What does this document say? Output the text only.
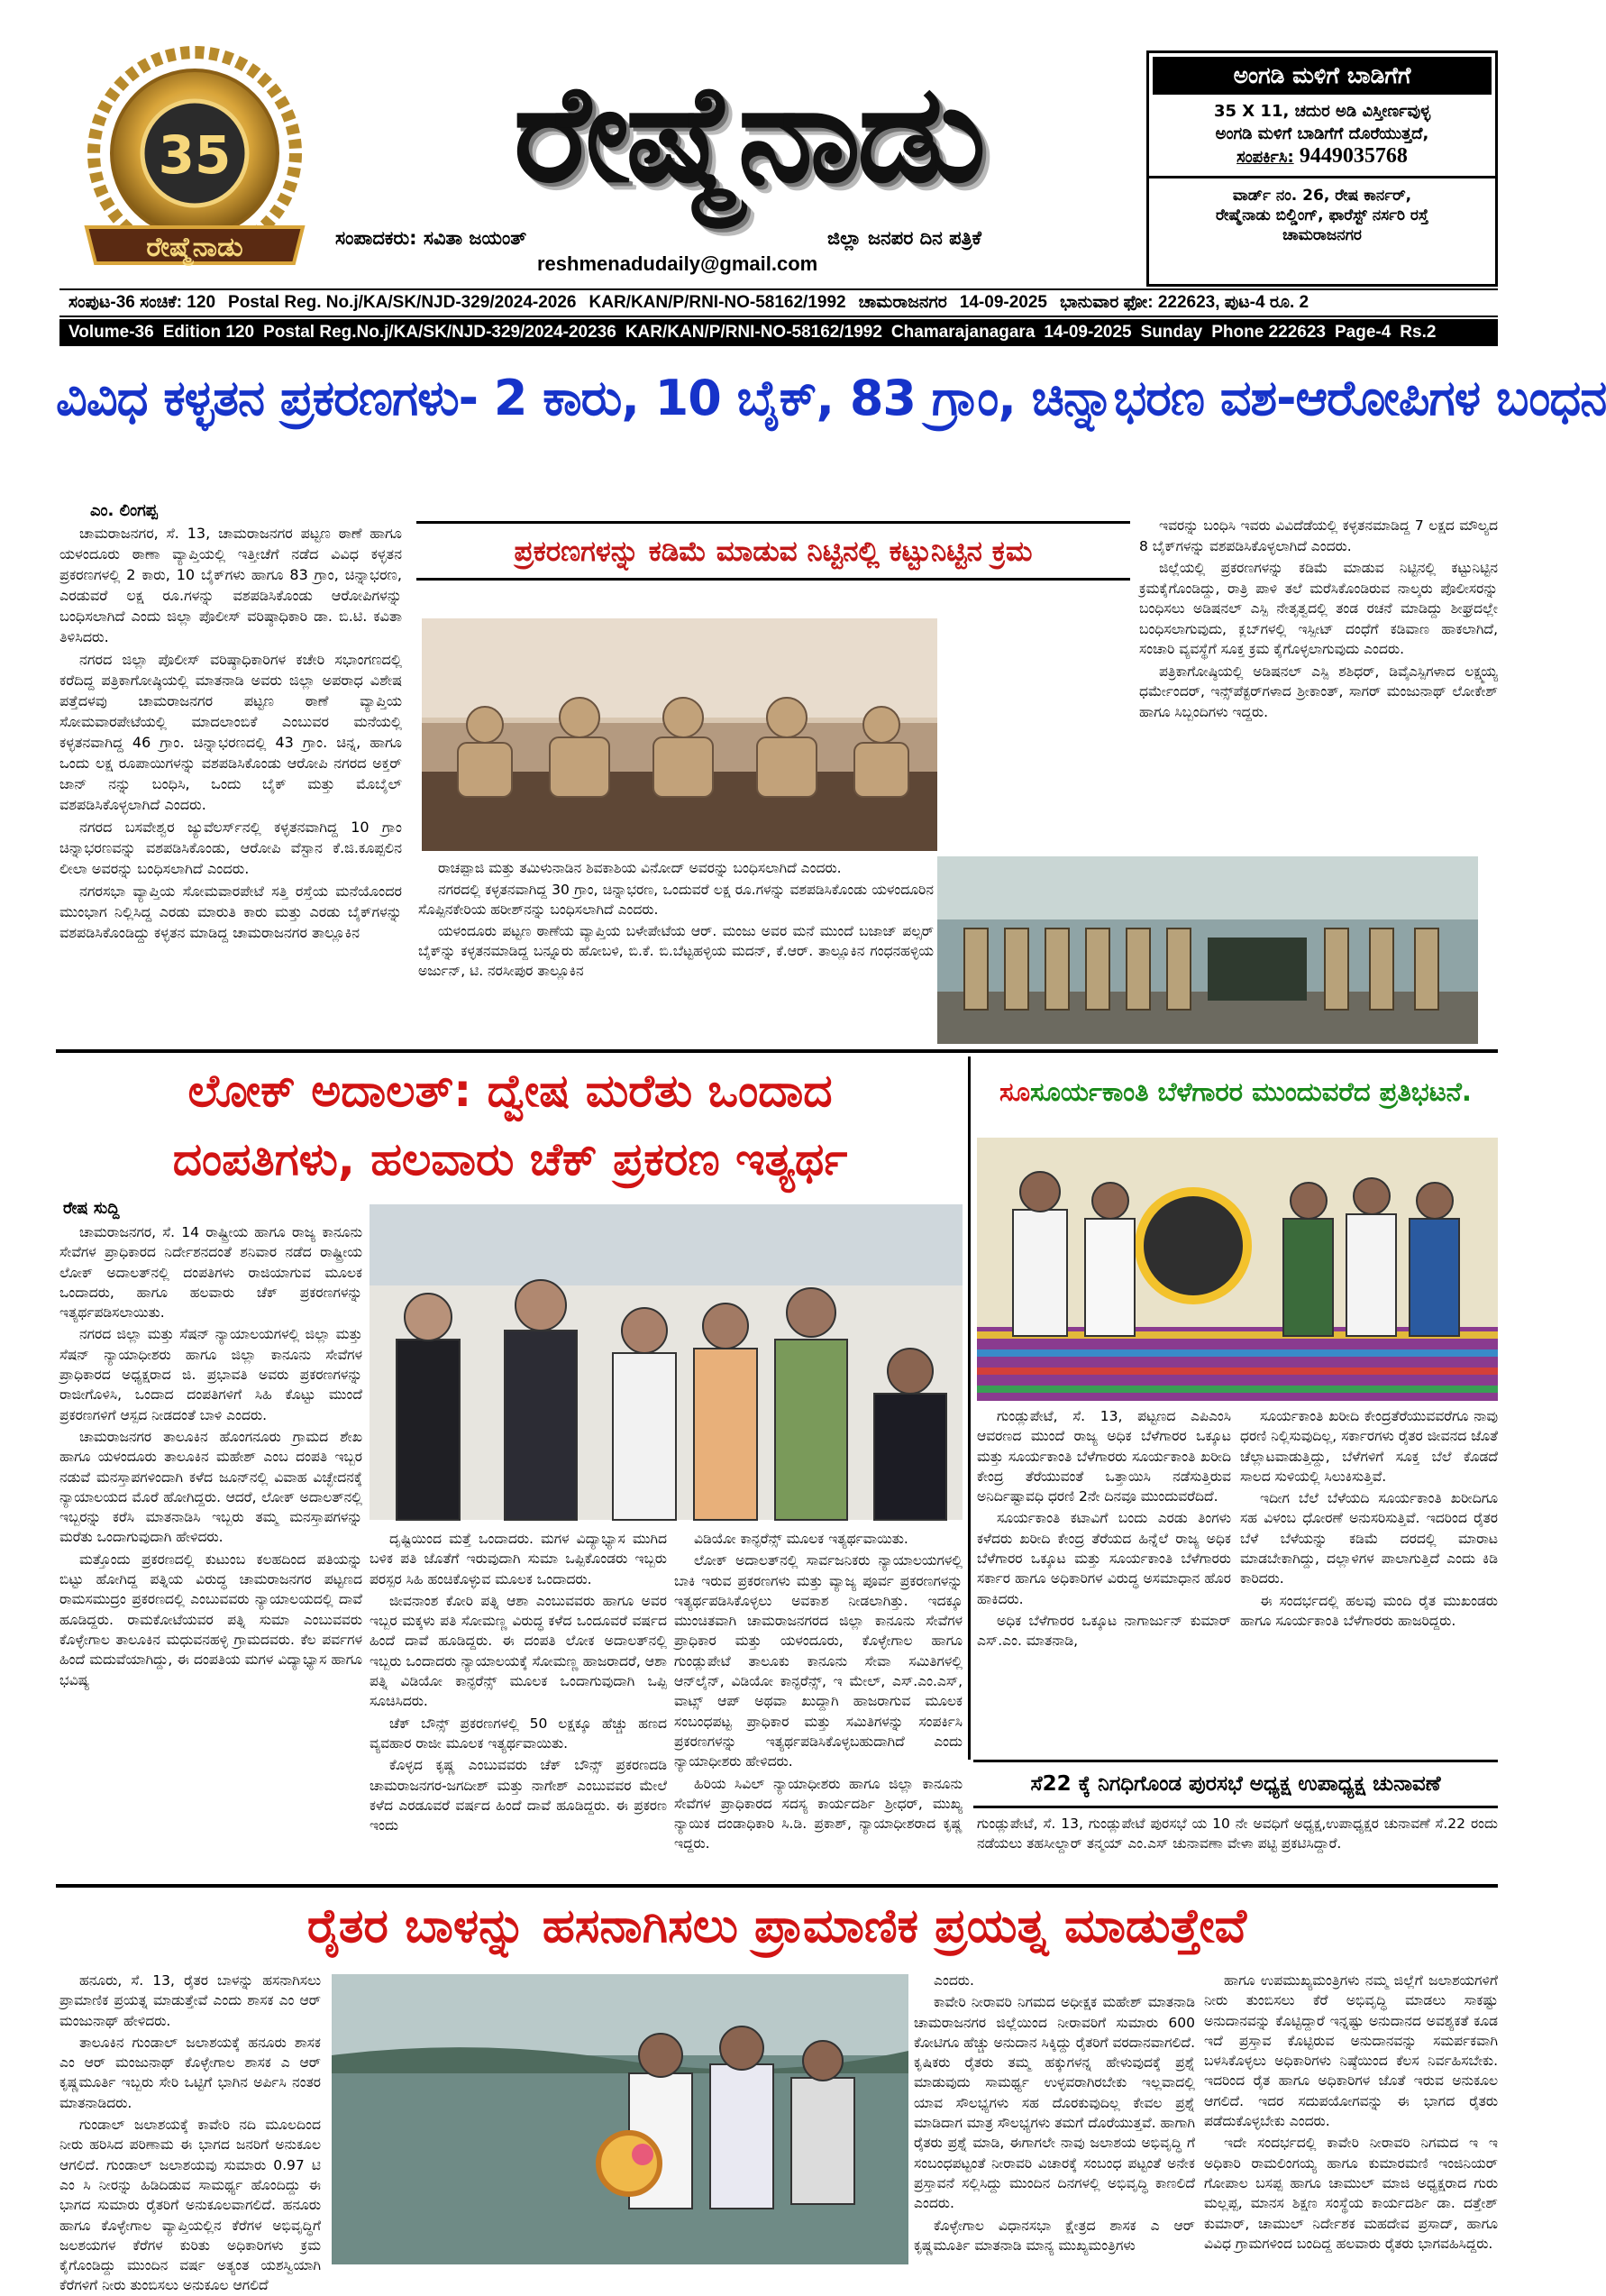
35
ರೇಷ್ಮೆನಾಡು
ರೇಷ್ಮೆನಾಡು
ಸಂಪಾದಕರು: ಸವಿತಾ ಜಯಂತ್	ಜಿಲ್ಲಾ ಜನಪರ ದಿನ ಪತ್ರಿಕೆ
reshmenadudaily@gmail.com
ಅಂಗಡಿ ಮಳಿಗೆ ಬಾಡಿಗೆಗೆ
35 X 11, ಚದುರ ಅಡಿ ವಿಸ್ತೀರ್ಣವುಳ್ಳ
ಅಂಗಡಿ ಮಳಿಗೆ ಬಾಡಿಗೆಗೆ ದೊರೆಯುತ್ತದೆ,
ಸಂಪರ್ಕಿಸಿ: 9449035768
ವಾರ್ಡ್ ನಂ. 26, ರೇಷ ಕಾರ್ನರ್,
ರೇಷ್ಮೆನಾಡು ಬಿಲ್ಡಿಂಗ್, ಫಾರೆಸ್ಟ್ ನರ್ಸರಿ ರಸ್ತೆ
ಚಾಮರಾಜನಗರ
ಸಂಪುಟ-36 ಸಂಚಿಕೆ: 120 Postal Reg. No.j/KA/SK/NJD-329/2024-2026 KAR/KAN/P/RNI-NO-58162/1992 ಚಾಮರಾಜನಗರ 14-09-2025 ಭಾನುವಾರ ಫೋ: 222623, ಪುಟ-4 ರೂ. 2
Volume-36 Edition 120 Postal Reg.No.j/KA/SK/NJD-329/2024-20236 KAR/KAN/P/RNI-NO-58162/1992 Chamarajanagara 14-09-2025 Sunday Phone 222623 Page-4 Rs.2
ವಿವಿಧ ಕಳ್ಳತನ ಪ್ರಕರಣಗಳು- 2 ಕಾರು, 10 ಬೈಕ್, 83 ಗ್ರಾಂ, ಚಿನ್ನಾಭರಣ ವಶ-ಆರೋಪಿಗಳ ಬಂಧನ
ಎಂ. ಲಿಂಗಪ್ಪ

ಚಾಮರಾಜನಗರ, ಸೆ. 13, ಚಾಮರಾಜನಗರ ಪಟ್ಟಣ ಠಾಣೆ ಹಾಗೂ ಯಳಂದೂರು ಠಾಣಾ ವ್ಯಾಪ್ತಿಯಲ್ಲಿ ಇತ್ತೀಚೆಗೆ ನಡೆದ ವಿವಿಧ ಕಳ್ಳತನ ಪ್ರಕರಣಗಳಲ್ಲಿ 2 ಕಾರು, 10 ಬೈಕ್‌ಗಳು ಹಾಗೂ 83 ಗ್ರಾಂ, ಚಿನ್ನಾಭರಣ, ಎರಡುವರೆ ಲಕ್ಷ ರೂ.ಗಳನ್ನು ವಶಪಡಿಸಿಕೊಂಡು ಆರೋಪಿಗಳನ್ನು ಬಂಧಿಸಲಾಗಿದೆ ಎಂದು ಜಿಲ್ಲಾ ಪೊಲೀಸ್ ವರಿಷ್ಠಾಧಿಕಾರಿ ಡಾ. ಬಿ.ಟಿ. ಕವಿತಾ ತಿಳಿಸಿದರು.

ನಗರದ ಜಿಲ್ಲಾ ಪೊಲೀಸ್ ವರಿಷ್ಠಾಧಿಕಾರಿಗಳ ಕಚೇರಿ ಸಭಾಂಗಣದಲ್ಲಿ ಕರೆದಿದ್ದ ಪತ್ರಿಕಾಗೋಷ್ಠಿಯಲ್ಲಿ ಮಾತನಾಡಿ ಅವರು ಜಿಲ್ಲಾ ಅಪರಾಧ ವಿಶೇಷ ಪತ್ತೆದಳವು ಚಾಮರಾಜನಗರ ಪಟ್ಟಣ ಠಾಣೆ ವ್ಯಾಪ್ತಿಯ ಸೋಮವಾರಪೇಟೆಯಲ್ಲಿ ಮಾದಲಾಂಬಿಕೆ ಎಂಬುವರ ಮನೆಯಲ್ಲಿ ಕಳ್ಳತನವಾಗಿದ್ದ 46 ಗ್ರಾಂ. ಚಿನ್ನಾಭರಣದಲ್ಲಿ 43 ಗ್ರಾಂ. ಚಿನ್ನ, ಹಾಗೂ ಒಂದು ಲಕ್ಷ ರೂಪಾಯಿಗಳನ್ನು ವಶಪಡಿಸಿಕೊಂಡು ಆರೋಪಿ ನಗರದ ಅಕ್ತರ್ ಜಾನ್ ನನ್ನು ಬಂಧಿಸಿ, ಒಂದು ಬೈಕ್ ಮತ್ತು ಮೊಬೈಲ್ ವಶಪಡಿಸಿಕೊಳ್ಳಲಾಗಿದೆ ಎಂದರು.

ನಗರದ ಬಸವೇಶ್ವರ ಜ್ಯುವೆಲರ್ಸ್‌ನಲ್ಲಿ ಕಳ್ಳತನವಾಗಿದ್ದ 10 ಗ್ರಾಂ ಚಿನ್ನಾಭರಣವನ್ನು ವಶಪಡಿಸಿಕೊಂಡು, ಆರೋಪಿ ವೆಸ್ಟಾನ ಕೆ.ಜಿ.ಕೂಪ್ಪಲಿನ ಲೀಲಾ ಅವರನ್ನು ಬಂಧಿಸಲಾಗಿದೆ ಎಂದರು.

ನಗರಸಭಾ ವ್ಯಾಪ್ತಿಯ ಸೋಮವಾರಪೇಟೆ ಸತ್ತಿ ರಸ್ತೆಯ ಮನೆಯೊಂದರ ಮುಂಭಾಗ ನಿಲ್ಲಿಸಿದ್ದ ಎರಡು ಮಾರುತಿ ಕಾರು ಮತ್ತು ಎರಡು ಬೈಕ್‌ಗಳನ್ನು ವಶಪಡಿಸಿಕೊಂಡಿದ್ದು ಕಳ್ಳತನ ಮಾಡಿದ್ದ ಚಾಮರಾಜನಗರ ತಾಲ್ಲೂಕಿನ

ಪ್ರಕರಣಗಳನ್ನು ಕಡಿಮೆ ಮಾಡುವ ನಿಟ್ಟಿನಲ್ಲಿ ಕಟ್ಟುನಿಟ್ಟಿನ ಕ್ರಮ

ರಾಚಪ್ಪಾಜಿ ಮತ್ತು ತಮಿಳುನಾಡಿನ ಶಿವಕಾಶಿಯ ವಿನೋದ್ ಅವರನ್ನು ಬಂಧಿಸಲಾಗಿದೆ ಎಂದರು.

ನಗರದಲ್ಲಿ ಕಳ್ಳತನವಾಗಿದ್ದ 30 ಗ್ರಾಂ, ಚಿನ್ನಾಭರಣ, ಒಂದುವರೆ ಲಕ್ಷ ರೂ.ಗಳನ್ನು ವಶಪಡಿಸಿಕೊಂಡು ಯಳಂದೂರಿನ ಸೊಪ್ಪಿನಕೇರಿಯ ಹರೀಶ್‌ನನ್ನು ಬಂಧಿಸಲಾಗಿದೆ ಎಂದರು.

ಯಳಂದೂರು ಪಟ್ಟಣ ಠಾಣೆಯ ವ್ಯಾಪ್ತಿಯ ಬಳೇಪೇಟೆಯ ಆರ್. ಮಂಜು ಅವರ ಮನೆ ಮುಂದೆ ಬಜಾಜ್ ಪಲ್ಸರ್ ಬೈಕ್‌ನ್ನು ಕಳ್ಳತನಮಾಡಿದ್ದ ಬನ್ನೂರು ಹೋಬಳಿ, ಬಿ.ಕೆ. ಬಿ.ಬೆಟ್ಟಹಳ್ಳಿಯ ಮದನ್, ಕೆ.ಆರ್. ತಾಲ್ಲೂಕಿನ ಗಂಧನಹಳ್ಳಿಯ ಅರ್ಜುನ್, ಟಿ. ನರಸೀಪುರ ತಾಲ್ಲೂಕಿನ

ಇವರನ್ನು ಬಂಧಿಸಿ ಇವರು ವಿವಿದೆಡೆಯಲ್ಲಿ ಕಳ್ಳತನಮಾಡಿದ್ದ 7 ಲಕ್ಷದ ಮೌಲ್ಯದ 8 ಬೈಕ್‌ಗಳನ್ನು ವಶಪಡಿಸಿಕೊಳ್ಳಲಾಗಿದೆ ಎಂದರು.

ಜಿಲ್ಲೆಯಲ್ಲಿ ಪ್ರಕರಣಗಳನ್ನು ಕಡಿಮೆ ಮಾಡುವ ನಿಟ್ಟಿನಲ್ಲಿ ಕಟ್ಟುನಿಟ್ಟಿನ ಕ್ರಮಕೈಗೊಂಡಿದ್ದು, ರಾತ್ರಿ ಪಾಳಿ ತಲೆ ಮರೆಸಿಕೊಂಡಿರುವ ನಾಲ್ಕರು ಪೊಲೀಸರನ್ನು ಬಂಧಿಸಲು ಅಡಿಷನಲ್ ಎಸ್ಪಿ ನೇತೃತ್ವದಲ್ಲಿ ತಂಡ ರಚನೆ ಮಾಡಿದ್ದು ಶೀಘ್ರದಲ್ಲೇ ಬಂಧಿಸಲಾಗುವುದು, ಕ್ಲಬ್‌ಗಳಲ್ಲಿ ಇಸ್ಪೀಟ್ ದಂಧೆಗೆ ಕಡಿವಾಣ ಹಾಕಲಾಗಿದೆ, ಸಂಚಾರಿ ವ್ಯವಸ್ಥೆಗೆ ಸೂಕ್ತ ಕ್ರಮ ಕೈಗೊಳ್ಳಲಾಗುವುದು ಎಂದರು.

ಪತ್ರಿಕಾಗೋಷ್ಠಿಯಲ್ಲಿ ಅಡಿಷನಲ್ ಎಸ್ಪಿ ಶಶಿಧರ್, ಡಿವೈಎಸ್ಪಿಗಳಾದ ಲಕ್ಷ್ಮಯ್ಯ ಧರ್ಮೇಂದರ್, ಇನ್ಸ್‌ಪೆಕ್ಟರ್‌ಗಳಾದ ಶ್ರೀಕಾಂತ್, ಸಾಗರ್ ಮಂಜುನಾಥ್ ಲೋಕೇಶ್ ಹಾಗೂ ಸಿಬ್ಬಂದಿಗಳು ಇದ್ದರು.

ಲೋಕ್ ಅದಾಲತ್: ದ್ವೇಷ ಮರೆತು ಒಂದಾದ
ದಂಪತಿಗಳು, ಹಲವಾರು ಚೆಕ್ ಪ್ರಕರಣ ಇತ್ಯರ್ಥ
ರೇಷ ಸುದ್ದಿ

ಚಾಮರಾಜನಗರ, ಸೆ. 14 ರಾಷ್ಟ್ರೀಯ ಹಾಗೂ ರಾಜ್ಯ ಕಾನೂನು ಸೇವೆಗಳ ಪ್ರಾಧಿಕಾರದ ನಿರ್ದೇಶನದಂತೆ ಶನಿವಾರ ನಡೆದ ರಾಷ್ಟ್ರೀಯ ಲೋಕ್ ಅದಾಲತ್‌ನಲ್ಲಿ ದಂಪತಿಗಳು ರಾಜಿಯಾಗುವ ಮೂಲಕ ಒಂದಾದರು, ಹಾಗೂ ಹಲವಾರು ಚೆಕ್ ಪ್ರಕರಣಗಳನ್ನು ಇತ್ಯರ್ಥಪಡಿಸಲಾಯಿತು.

ನಗರದ ಜಿಲ್ಲಾ ಮತ್ತು ಸೆಷನ್ ನ್ಯಾಯಾಲಯಗಳಲ್ಲಿ ಜಿಲ್ಲಾ ಮತ್ತು ಸೆಷನ್ ನ್ಯಾಯಾಧೀಶರು ಹಾಗೂ ಜಿಲ್ಲಾ ಕಾನೂನು ಸೇವೆಗಳ ಪ್ರಾಧಿಕಾರದ ಅಧ್ಯಕ್ಷರಾದ ಜಿ. ಪ್ರಭಾವತಿ ಅವರು ಪ್ರಕರಣಗಳನ್ನು ರಾಜೀಗೊಳಿಸಿ, ಒಂದಾದ ದಂಪತಿಗಳಿಗೆ ಸಿಹಿ ಕೊಟ್ಟು ಮುಂದೆ ಪ್ರಕರಣಗಳಿಗೆ ಆಸ್ಪದ ನೀಡದಂತೆ ಬಾಳಿ ಎಂದರು.

ಚಾಮರಾಜನಗರ ತಾಲೂಕಿನ ಹೊಂಗನೂರು ಗ್ರಾಮದ ಶೇಖ ಹಾಗೂ ಯಳಂದೂರು ತಾಲೂಕಿನ ಮಹೇಶ್ ಎಂಬ ದಂಪತಿ ಇಬ್ಬರ ನಡುವೆ ಮನಸ್ತಾಪಗಳಿಂದಾಗಿ ಕಳೆದ ಜೂನ್‌ನಲ್ಲಿ ವಿವಾಹ ವಿಚ್ಛೇದನಕ್ಕೆ ನ್ಯಾಯಾಲಯದ ಮೊರೆ ಹೋಗಿದ್ದರು. ಆದರೆ, ಲೋಕ್ ಅದಾಲತ್‌ನಲ್ಲಿ ಇಬ್ಬರನ್ನು ಕರೆಸಿ ಮಾತನಾಡಿಸಿ ಇಬ್ಬರು ತಮ್ಮ ಮನಸ್ತಾಪಗಳನ್ನು ಮರೆತು ಒಂದಾಗುವುದಾಗಿ ಹೇಳಿದರು.

ಮತ್ತೊಂದು ಪ್ರಕರಣದಲ್ಲಿ ಕುಟುಂಬ ಕಲಹದಿಂದ ಪತಿಯನ್ನು ಬಿಟ್ಟು ಹೋಗಿದ್ದ ಪತ್ನಿಯ ವಿರುದ್ಧ ಚಾಮರಾಜನಗರ ಪಟ್ಟಣದ ರಾಮಸಮುದ್ರಂ ಪ್ರಕರಣದಲ್ಲಿ ಎಂಬುವವರು ನ್ಯಾಯಾಲಯದಲ್ಲಿ ದಾವೆ ಹೂಡಿದ್ದರು. ರಾಮಕೋಟೆಯವರ ಪತ್ನಿ ಸುಮಾ ಎಂಬುವವರು ಕೊಳ್ಳೇಗಾಲ ತಾಲೂಕಿನ ಮಧುವನಹಳ್ಳಿ ಗ್ರಾಮದವರು. ಕೆಲ ಪರ್ವಗಳ ಹಿಂದೆ ಮದುವೆಯಾಗಿದ್ದು, ಈ ದಂಪತಿಯ ಮಗಳ ವಿದ್ಯಾಭ್ಯಾಸ ಹಾಗೂ ಭವಿಷ್ಯ

ದೃಷ್ಟಿಯಿಂದ ಮತ್ತೆ ಒಂದಾದರು. ಮಗಳ ವಿದ್ಯಾಭ್ಯಾಸ ಮುಗಿದ ಬಳಿಕ ಪತಿ ಜೊತೆಗೆ ಇರುವುದಾಗಿ ಸುಮಾ ಒಪ್ಪಿಕೊಂಡರು ಇಬ್ಬರು ಪರಸ್ಪರ ಸಿಹಿ ಹಂಚಿಕೊಳ್ಳುವ ಮೂಲಕ ಒಂದಾದರು.

ಜೀವನಾಂಶ ಕೋರಿ ಪತ್ನಿ ಆಶಾ ಎಂಬುವವರು ಹಾಗೂ ಅವರ ಇಬ್ಬರ ಮಕ್ಕಳು ಪತಿ ಸೋಮಣ್ಣ ವಿರುದ್ಧ ಕಳೆದ ಒಂದೂವರೆ ವರ್ಷದ ಹಿಂದೆ ದಾವೆ ಹೂಡಿದ್ದರು. ಈ ದಂಪತಿ ಲೋಕ ಅದಾಲತ್‌ನಲ್ಲಿ ಇಬ್ಬರು ಒಂದಾದರು ನ್ಯಾಯಾಲಯಕ್ಕೆ ಸೋಮಣ್ಣ ಹಾಜರಾದರೆ, ಆಶಾ ಪತ್ನಿ ವಿಡಿಯೋ ಕಾನ್ಫರೆನ್ಸ್ ಮೂಲಕ ಒಂದಾಗುವುದಾಗಿ ಒಪ್ಪಿ ಸೂಚಿಸಿದರು.

ಚೆಕ್ ಬೌನ್ಸ್ ಪ್ರಕರಣಗಳಲ್ಲಿ 50 ಲಕ್ಷಕ್ಕೂ ಹೆಚ್ಚು ಹಣದ ವ್ಯವಹಾರ ರಾಜೀ ಮೂಲಕ ಇತ್ಯರ್ಥವಾಯಿತು.

ಕೊಳ್ಳದ ಕೃಷ್ಣ ಎಂಬುವವರು ಚೆಕ್ ಬೌನ್ಸ್ ಪ್ರಕರಣದಡಿ ಚಾಮರಾಜನಗರ-ಜಗದೀಶ್ ಮತ್ತು ನಾಗೇಶ್ ಎಂಬುವವರ ಮೇಲೆ ಕಳೆದ ಎರಡೂವರೆ ವರ್ಷದ ಹಿಂದೆ ದಾವೆ ಹೂಡಿದ್ದರು. ಈ ಪ್ರಕರಣ ಇಂದು

ವಿಡಿಯೋ ಕಾನ್ಫರೆನ್ಸ್ ಮೂಲಕ ಇತ್ಯರ್ಥವಾಯಿತು.

ಲೋಕ್ ಅದಾಲತ್‌ನಲ್ಲಿ ಸಾರ್ವಜನಿಕರು ನ್ಯಾಯಾಲಯಗಳಲ್ಲಿ ಬಾಕಿ ಇರುವ ಪ್ರಕರಣಗಳು ಮತ್ತು ವ್ಯಾಜ್ಯ ಪೂರ್ವ ಪ್ರಕರಣಗಳನ್ನು ಇತ್ಯರ್ಥಪಡಿಸಿಕೊಳ್ಳಲು ಅವಕಾಶ ನೀಡಲಾಗಿತ್ತು. ಇದಕ್ಕೂ ಮುಂಚಿತವಾಗಿ ಚಾಮರಾಜನಗರದ ಜಿಲ್ಲಾ ಕಾನೂನು ಸೇವೆಗಳ ಪ್ರಾಧಿಕಾರ ಮತ್ತು ಯಳಂದೂರು, ಕೊಳ್ಳೇಗಾಲ ಹಾಗೂ ಗುಂಡ್ಲುಪೇಟೆ ತಾಲೂಕು ಕಾನೂನು ಸೇವಾ ಸಮಿತಿಗಳಲ್ಲಿ ಆನ್‌ಲೈನ್, ವಿಡಿಯೋ ಕಾನ್ಫರೆನ್ಸ್, ಇ ಮೇಲ್, ಎಸ್.ಎಂ.ಎಸ್, ವಾಟ್ಸ್ ಆಪ್ ಅಥವಾ ಖುದ್ದಾಗಿ ಹಾಜರಾಗುವ ಮೂಲಕ ಸಂಬಂಧಪಟ್ಟ ಪ್ರಾಧಿಕಾರ ಮತ್ತು ಸಮಿತಿಗಳನ್ನು ಸಂಪರ್ಕಿಸಿ ಪ್ರಕರಣಗಳನ್ನು ಇತ್ಯರ್ಥಪಡಿಸಿಕೊಳ್ಳಬಹುದಾಗಿದೆ ಎಂದು ನ್ಯಾಯಾಧೀಶರು ಹೇಳಿದರು.

ಹಿರಿಯ ಸಿವಿಲ್ ನ್ಯಾಯಾಧೀಶರು ಹಾಗೂ ಜಿಲ್ಲಾ ಕಾನೂನು ಸೇವೆಗಳ ಪ್ರಾಧಿಕಾರದ ಸದಸ್ಯ ಕಾರ್ಯದರ್ಶಿ ಶ್ರೀಧರ್, ಮುಖ್ಯ ನ್ಯಾಯಿಕ ದಂಡಾಧಿಕಾರಿ ಸಿ.ಡಿ. ಪ್ರಕಾಶ್, ನ್ಯಾಯಾಧೀಶರಾದ ಕೃಷ್ಣ ಇದ್ದರು.

ಸೂಸೂರ್ಯಕಾಂತಿ ಬೆಳೆಗಾರರ ಮುಂದುವರೆದ ಪ್ರತಿಭಟನೆ.

ಗುಂಡ್ಲುಪೇಟೆ, ಸೆ. 13, ಪಟ್ಟಣದ ಎಪಿಎಂಸಿ ಆವರಣದ ಮುಂದೆ ರಾಜ್ಯ ಅಧಿಕ ಬೆಳೆಗಾರರ ಒಕ್ಕೂಟ ಮತ್ತು ಸೂರ್ಯಕಾಂತಿ ಬೆಳೆಗಾರರು ಸೂರ್ಯಕಾಂತಿ ಖರೀದಿ ಕೇಂದ್ರ ತೆರೆಯುವಂತೆ ಒತ್ತಾಯಿಸಿ ನಡೆಸುತ್ತಿರುವ ಅನಿರ್ದಿಷ್ಟಾವಧಿ ಧರಣಿ 2ನೇ ದಿನವೂ ಮುಂದುವರೆದಿದೆ.

ಸೂರ್ಯಕಾಂತಿ ಕಟಾವಿಗೆ ಬಂದು ಎರಡು ತಿಂಗಳು ಕಳೆದರು ಖರೀದಿ ಕೇಂದ್ರ ತೆರೆಯದ ಹಿನ್ನೆಲೆ ರಾಜ್ಯ ಅಧಿಕ ಬೆಳೆಗಾರರ ಒಕ್ಕೂಟ ಮತ್ತು ಸೂರ್ಯಕಾಂತಿ ಬೆಳೆಗಾರರು ಸರ್ಕಾರ ಹಾಗೂ ಅಧಿಕಾರಿಗಳ ವಿರುದ್ಧ ಅಸಮಾಧಾನ ಹೊರ ಹಾಕಿದರು.

ಅಧಿಕ ಬೆಳೆಗಾರರ ಒಕ್ಕೂಟ ನಾಗಾರ್ಜುನ್ ಕುಮಾರ್ ಎಸ್.ಎಂ. ಮಾತನಾಡಿ,

ಸೂರ್ಯಕಾಂತಿ ಖರೀದಿ ಕೇಂದ್ರತೆರೆಯುವವರೆಗೂ ನಾವು ಧರಣಿ ನಿಲ್ಲಿಸುವುದಿಲ್ಲ, ಸರ್ಕಾರಗಳು ರೈತರ ಜೀವನದ ಜೊತೆ ಚೆಲ್ಲಾಟವಾಡುತ್ತಿದ್ದು, ಬೆಳೆಗಳಿಗೆ ಸೂಕ್ತ ಬೆಲೆ ಕೊಡದೆ ಸಾಲದ ಸುಳಿಯಲ್ಲಿ ಸಿಲುಕಿಸುತ್ತಿವೆ.

ಇದೀಗ ಬೆಲೆ ಬೆಳೆಯದಿ ಸೂರ್ಯಕಾಂತಿ ಖರೀದಿಗೂ ಸಹ ವಿಳಂಬ ಧೋರಣೆ ಅನುಸರಿಸುತ್ತಿವೆ. ಇದರಿಂದ ರೈತರ ಬೆಳೆ ಬೆಳೆಯನ್ನು ಕಡಿಮೆ ದರದಲ್ಲಿ ಮಾರಾಟ ಮಾಡಬೇಕಾಗಿದ್ದು, ದಲ್ಲಾಳಿಗಳ ಪಾಲಾಗುತ್ತಿದೆ ಎಂದು ಕಿಡಿ ಕಾರಿದರು.

ಈ ಸಂದರ್ಭದಲ್ಲಿ ಹಲವು ಮಂದಿ ರೈತ ಮುಖಂಡರು ಹಾಗೂ ಸೂರ್ಯಕಾಂತಿ ಬೆಳೆಗಾರರು ಹಾಜರಿದ್ದರು.

ಸೆ22 ಕ್ಕೆ ನಿಗಧಿಗೊಂಡ ಪುರಸಭೆ ಅಧ್ಯಕ್ಷ ಉಪಾಧ್ಯಕ್ಷ ಚುನಾವಣೆ
ಗುಂಡ್ಲುಪೇಟೆ, ಸೆ. 13, ಗುಂಡ್ಲುಪೇಟೆ ಪುರಸಭೆ ಯ 10 ನೇ ಅವಧಿಗೆ ಅಧ್ಯಕ್ಷ,ಉಪಾಧ್ಯಕ್ಷರ ಚುನಾವಣೆ ಸೆ.22 ರಂದು ನಡೆಯಲು ತಹಸೀಲ್ದಾರ್ ತನ್ಮಯ್ ಎಂ.ಎಸ್ ಚುನಾವಣಾ ವೇಳಾ ಪಟ್ಟಿ ಪ್ರಕಟಿಸಿದ್ದಾರೆ.
ರೈತರ ಬಾಳನ್ನು ಹಸನಾಗಿಸಲು ಪ್ರಾಮಾಣಿಕ ಪ್ರಯತ್ನ ಮಾಡುತ್ತೇವೆ

ಹನೂರು, ಸೆ. 13, ರೈತರ ಬಾಳನ್ನು ಹಸನಾಗಿಸಲು ಪ್ರಾಮಾಣಿಕ ಪ್ರಯತ್ನ ಮಾಡುತ್ತೇವೆ ಎಂದು ಶಾಸಕ ಎಂ ಆರ್ ಮಂಜುನಾಥ್ ಹೇಳಿದರು.

ತಾಲೂಕಿನ ಗುಂಡಾಲ್ ಜಲಾಶಯಕ್ಕೆ ಹನೂರು ಶಾಸಕ ಎಂ ಆರ್ ಮಂಜುನಾಥ್ ಕೊಳ್ಳೇಗಾಲ ಶಾಸಕ ಎ ಆರ್ ಕೃಷ್ಣಮೂರ್ತಿ ಇಬ್ಬರು ಸೇರಿ ಒಟ್ಟಿಗೆ ಭಾಗಿನ ಅರ್ಪಿಸಿ ನಂತರ ಮಾತನಾಡಿದರು.

ಗುಂಡಾಲ್ ಜಲಾಶಯಕ್ಕೆ ಕಾವೇರಿ ನದಿ ಮೂಲದಿಂದ ನೀರು ಹರಿಸಿದ ಪರಿಣಾಮ ಈ ಭಾಗದ ಜನರಿಗೆ ಅನುಕೂಲ ಆಗಲಿದೆ. ಗುಂಡಾಲ್ ಜಲಾಶಯವು ಸುಮಾರು 0.97 ಟಿ ಎಂ ಸಿ ನೀರನ್ನು ಹಿಡಿದಿಡುವ ಸಾಮರ್ಥ್ಯ ಹೊಂದಿದ್ದು ಈ ಭಾಗದ ಸುಮಾರು ರೈತರಿಗೆ ಅನುಕೂಲವಾಗಲಿದೆ. ಹನೂರು ಹಾಗೂ ಕೊಳ್ಳೇಗಾಲ ವ್ಯಾಪ್ತಿಯಲ್ಲಿನ ಕೆರೆಗಳ ಅಭಿವೃದ್ಧಿಗೆ ಜಲಶಯಗಳ ಕೆರೆಗಳ ಕುರಿತು ಅಧಿಕಾರಿಗಳು ಕ್ರಮ ಕೈಗೊಂಡಿದ್ದು ಮುಂದಿನ ವರ್ಷ ಅತ್ಯಂತ ಯಶಸ್ವಿಯಾಗಿ ಕೆರೆಗಳಿಗೆ ನೀರು ತುಂಬಿಸಲು ಅನುಕೂಲ ಆಗಲಿದೆ

ಎಂದರು.

ಕಾವೇರಿ ನೀರಾವರಿ ನಿಗಮದ ಅಧೀಕ್ಷಕ ಮಹೇಶ್ ಮಾತನಾಡಿ ಚಾಮರಾಜನಗರ ಜಿಲ್ಲೆಯಿಂದ ನೀರಾವರಿಗೆ ಸುಮಾರು 600 ಕೋಟಿಗೂ ಹೆಚ್ಚು ಅನುದಾನ ಸಿಕ್ಕಿದ್ದು ರೈತರಿಗೆ ವರದಾನವಾಗಲಿದೆ. ಕೃಷಿಕರು ರೈತರು ತಮ್ಮ ಹಕ್ಕುಗಳನ್ನ ಹೇಳುವುದಕ್ಕೆ ಪ್ರಶ್ನೆ ಮಾಡುವುದು ಸಾಮರ್ಥ್ಯ ಉಳ್ಳವರಾಗಿರಬೇಕು ಇಲ್ಲವಾದಲ್ಲಿ ಯಾವ ಸೌಲಭ್ಯಗಳು ಸಹ ದೊರಕುವುದಿಲ್ಲ ಕೇವಲ ಪ್ರಶ್ನೆ ಮಾಡಿದಾಗ ಮಾತ್ರ ಸೌಲಭ್ಯಗಳು ತಮಗೆ ದೊರೆಯುತ್ತವೆ. ಹಾಗಾಗಿ ರೈತರು ಪ್ರಶ್ನೆ ಮಾಡಿ, ಈಗಾಗಲೇ ನಾವು ಜಲಾಶಯ ಅಭಿವೃದ್ಧಿ ಗೆ ಸಂಬಂಧಪಟ್ಟಂತೆ ನೀರಾವರಿ ವಿಚಾರಕ್ಕೆ ಸಂಬಂಧ ಪಟ್ಟಂತೆ ಅನೇಕ ಪ್ರಸ್ತಾವನೆ ಸಲ್ಲಿಸಿದ್ದು ಮುಂದಿನ ದಿನಗಳಲ್ಲಿ ಅಭಿವೃದ್ಧಿ ಕಾಣಲಿದೆ ಎಂದರು.

ಕೊಳ್ಳೇಗಾಲ ವಿಧಾನಸಭಾ ಕ್ಷೇತ್ರದ ಶಾಸಕ ಎ ಆರ್ ಕೃಷ್ಣಮೂರ್ತಿ ಮಾತನಾಡಿ ಮಾನ್ಯ ಮುಖ್ಯಮಂತ್ರಿಗಳು

ಹಾಗೂ ಉಪಮುಖ್ಯಮಂತ್ರಿಗಳು ನಮ್ಮ ಜಿಲ್ಲೆಗೆ ಜಲಾಶಯಗಳಿಗೆ ನೀರು ತುಂಬಿಸಲು ಕೆರೆ ಅಭಿವೃದ್ಧಿ ಮಾಡಲು ಸಾಕಷ್ಟು ಅನುದಾನವನ್ನು ಕೊಟ್ಟಿದ್ದಾರೆ ಇನ್ನಷ್ಟು ಅನುದಾನದ ಅವಶ್ಯಕತೆ ಕೂಡ ಇದೆ ಪ್ರಸ್ತಾವ ಕೊಟ್ಟಿರುವ ಅನುದಾನವನ್ನು ಸಮರ್ಪಕವಾಗಿ ಬಳಸಿಕೊಳ್ಳಲು ಅಧಿಕಾರಿಗಳು ನಿಷ್ಠೆಯಿಂದ ಕೆಲಸ ನಿರ್ವಹಿಸಬೇಕು. ಇದರಿಂದ ರೈತ ಹಾಗೂ ಅಧಿಕಾರಿಗಳ ಜೊತೆ ಇರುವ ಅನುಕೂಲ ಆಗಲಿದೆ. ಇದರ ಸದುಪಯೋಗವನ್ನು ಈ ಭಾಗದ ರೈತರು ಪಡೆದುಕೊಳ್ಳಬೇಕು ಎಂದರು.

ಇದೇ ಸಂದರ್ಭದಲ್ಲಿ ಕಾವೇರಿ ನೀರಾವರಿ ನಿಗಮದ ಇ ಇ ಅಧಿಕಾರಿ ರಾಮಲಿಂಗಯ್ಯ ಹಾಗೂ ಕುಮಾರಮಣಿ ಇಂಜಿನಿಯರ್ ಗೋಪಾಲ ಬಸಪ್ಪ ಹಾಗೂ ಚಾಮುಲ್ ಮಾಜಿ ಅಧ್ಯಕ್ಷರಾದ ಗುರು ಮಲ್ಲಪ್ಪ, ಮಾನಸ ಶಿಕ್ಷಣ ಸಂಸ್ಥೆಯ ಕಾರ್ಯದರ್ಶಿ ಡಾ. ದತ್ತೇಶ್ ಕುಮಾರ್, ಚಾಮುಲ್ ನಿರ್ದೇಶಕ ಮಹದೇವ ಪ್ರಸಾದ್, ಹಾಗೂ ವಿವಿಧ ಗ್ರಾಮಗಳಿಂದ ಬಂದಿದ್ದ ಹಲವಾರು ರೈತರು ಭಾಗವಹಿಸಿದ್ದರು.
